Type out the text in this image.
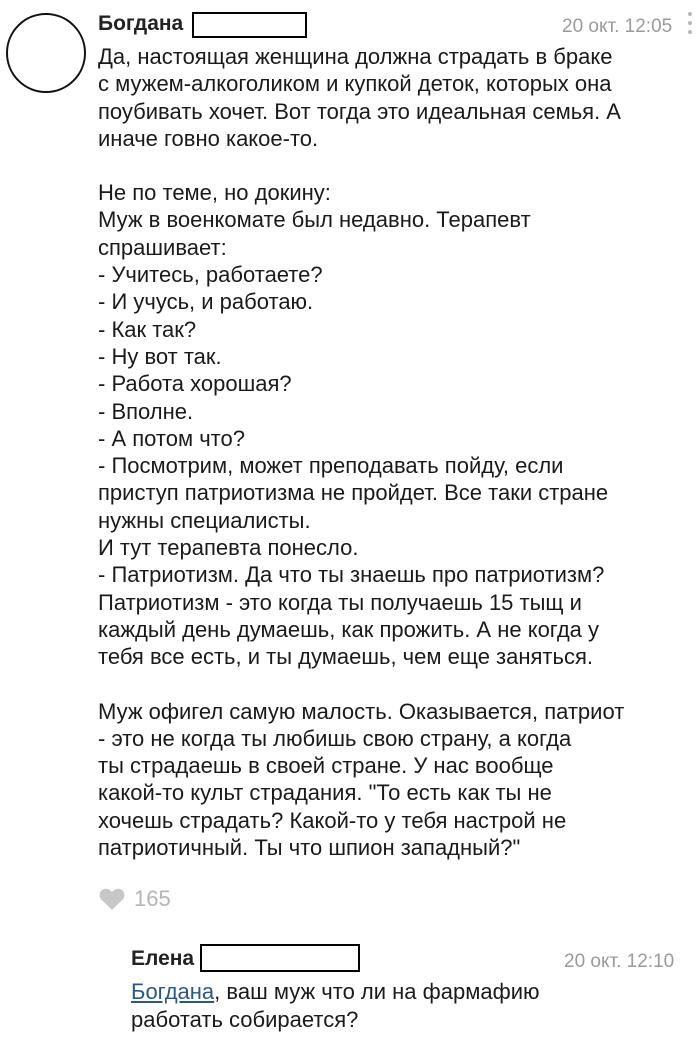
Богдана	20 окт. 12:05
Да, настоящая женщина должна страдать в браке
с мужем-алкоголиком и купкой деток, которых она
поубивать хочет. Вот тогда это идеальная семья. А
иначе говно какое-то.
Не по теме, но докину:
Муж в военкомате был недавно. Терапевт
спрашивает:
- Учитесь, работаете?
- И учусь, и работаю.
- Как так?
- Ну вот так.
- Работа хорошая?
- Вполне.
- А потом что?
- Посмотрим, может преподавать пойду, если
приступ патриотизма не пройдет. Все таки стране
нужны специалисты.
И тут терапевта понесло.
- Патриотизм. Да что ты знаешь про патриотизм?
Патриотизм - это когда ты получаешь 15 тыщ и
каждый день думаешь, как прожить. А не когда у
тебя все есть, и ты думаешь, чем еще заняться.
Муж офигел самую малость. Оказывается, патриот
- это не когда ты любишь свою страну, а когда
ты страдаешь в своей стране. У нас вообще
какой-то культ страдания. "То есть как ты не
хочешь страдать? Какой-то у тебя настрой не
патриотичный. Ты что шпион западный?"
165
Елена	20 окт. 12:10
Богдана, ваш муж что ли на фармафию
работать собирается?
